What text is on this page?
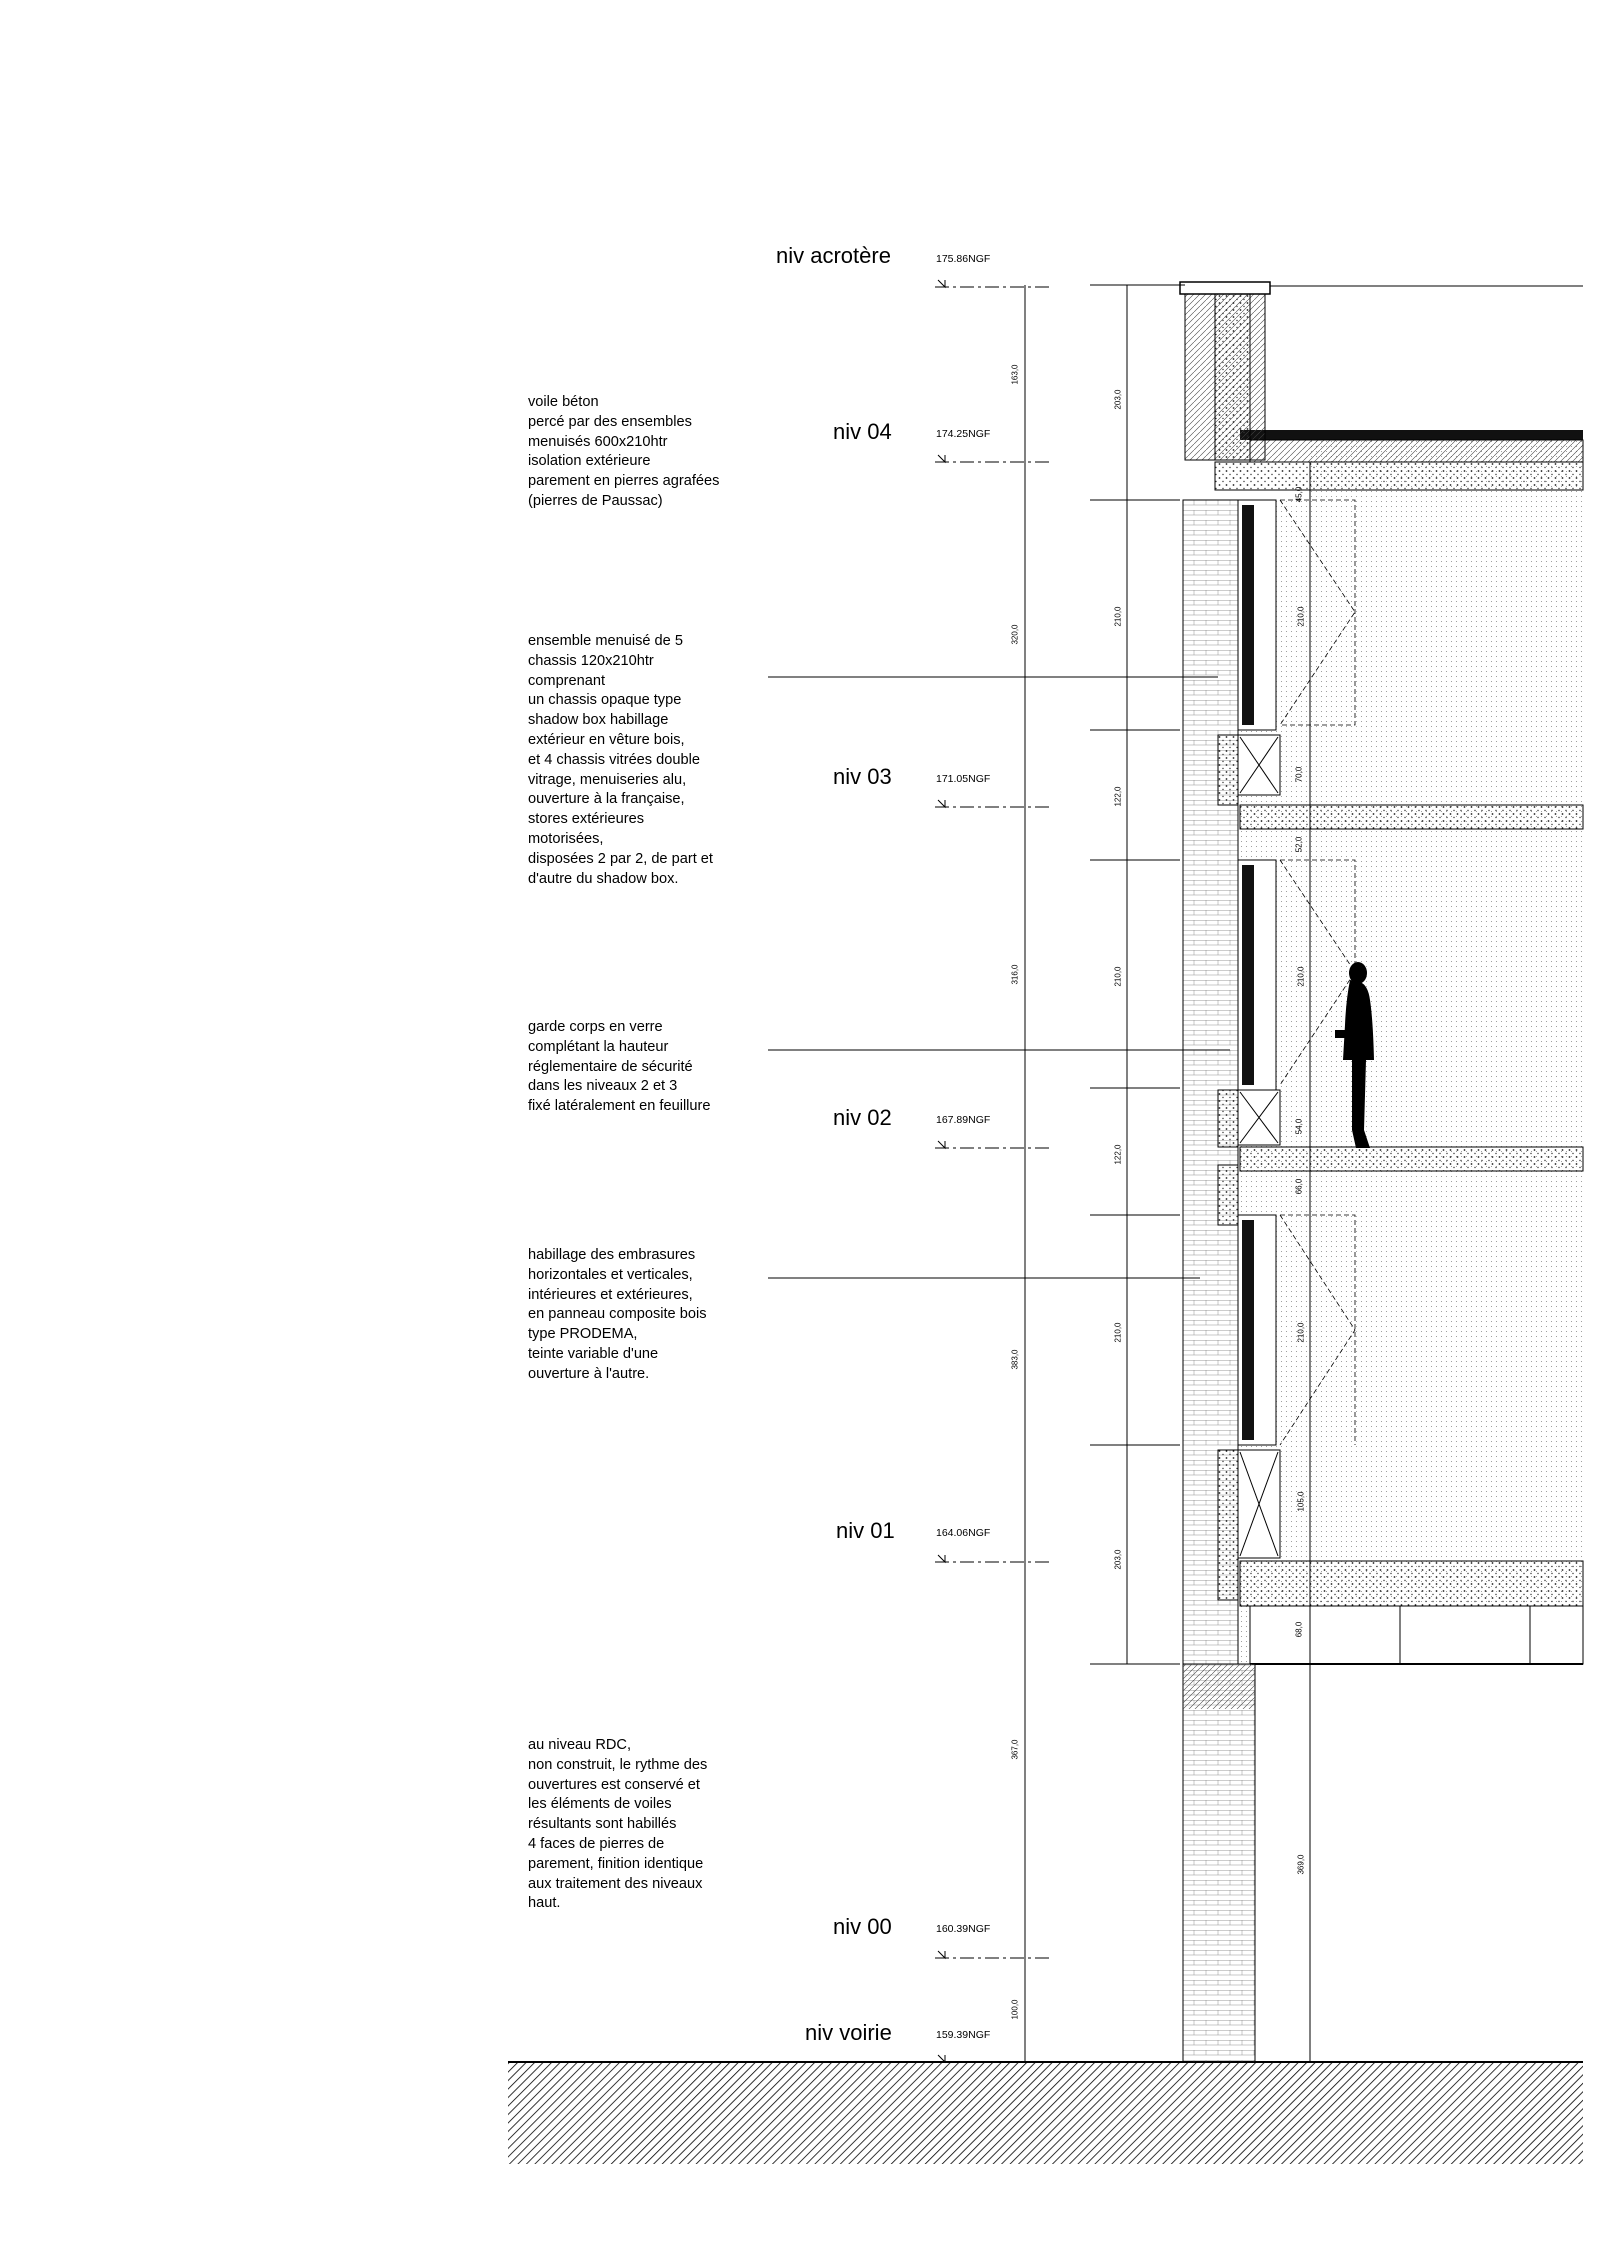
niv acrotère	175.86NGF
niv 04	174.25NGF
niv 03	171.05NGF
niv 02	167.89NGF
niv 01	164.06NGF
niv 00	160.39NGF
niv voirie	159.39NGF
voile béton
percé par des ensembles
menuisés 600x210htr
isolation extérieure
parement en pierres agrafées
(pierres de Paussac)
ensemble menuisé de 5
chassis 120x210htr
comprenant
un chassis opaque type
shadow box habillage
extérieur en vêture bois,
et 4 chassis vitrées double
vitrage, menuiseries alu,
ouverture à la française,
stores extérieures
motorisées,
disposées 2 par 2, de part et
d'autre du shadow box.
garde corps en verre
complétant la hauteur
réglementaire de sécurité
dans les niveaux 2 et 3
fixé latéralement en feuillure
habillage des embrasures
horizontales et verticales,
intérieures et extérieures,
en panneau composite bois
type PRODEMA,
teinte variable d'une
ouverture à l'autre.
au niveau RDC,
non construit, le rythme des
ouvertures est conservé et
les éléments de voiles
résultants sont habillés
4 faces de pierres de
parement, finition identique
aux traitement des niveaux
haut.
163,0
320,0
316,0
383,0
367,0
100,0
203,0
210,0
122,0
210,0
122,0
210,0
203,0
45,0
210,0
70,0
52,0
210,0
54,0
66,0
210,0
105,0
68,0
369,0
